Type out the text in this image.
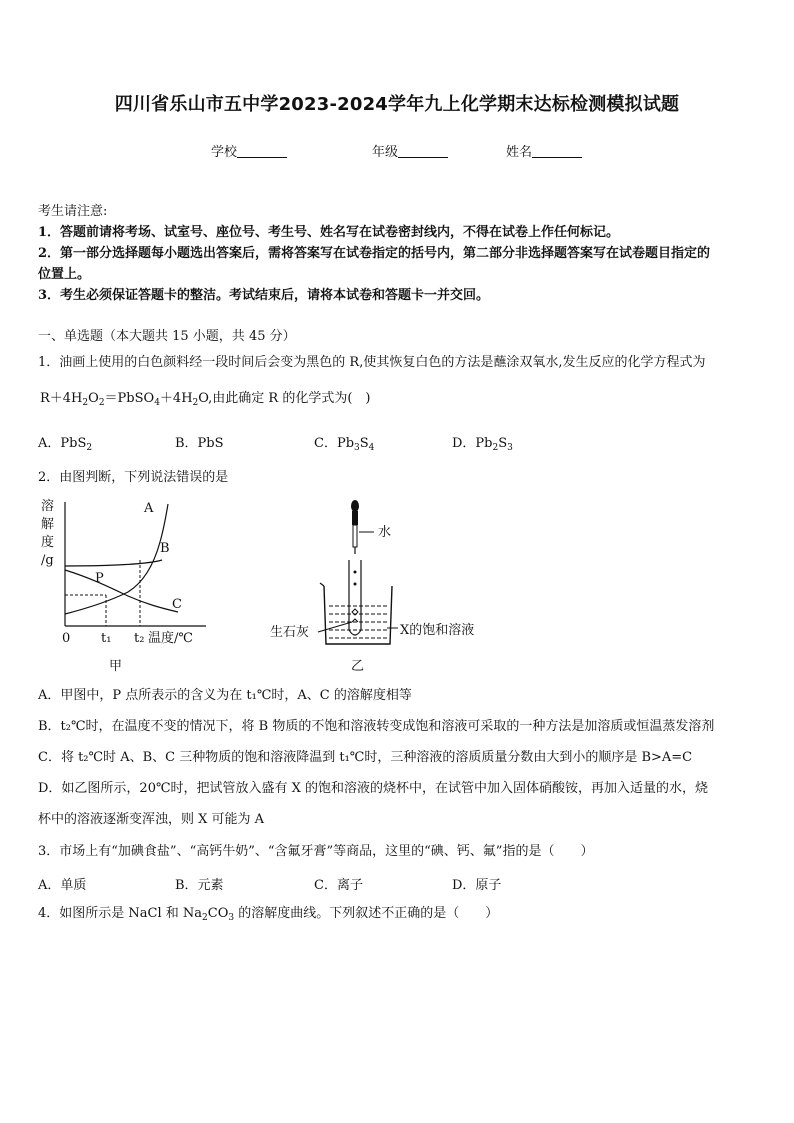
四川省乐山市五中学2023-2024学年九上化学期末达标检测模拟试题
学校	年级	姓名
考生请注意:
1．答题前请将考场、试室号、座位号、考生号、姓名写在试卷密封线内，不得在试卷上作任何标记。
2．第一部分选择题每小题选出答案后，需将答案写在试卷指定的括号内，第二部分非选择题答案写在试卷题目指定的
位置上。
3．考生必须保证答题卡的整洁。考试结束后，请将本试卷和答题卡一并交回。
一、单选题（本大题共 15 小题，共 45 分）
1．油画上使用的白色颜料经一段时间后会变为黑色的 R,使其恢复白色的方法是蘸涂双氧水,发生反应的化学方程式为
$R+4H_2O_2=PbSO_4+4H_2O$,由此确定 R 的化学式为(　)
A．PbS$_2$	B．PbS	C．$Pb_3S_4$	D．$Pb_2S_3$
2．由图判断，下列说法错误的是
溶
解
度
/g
A
B
C
P
0 t₁ t₂ 温度/℃
甲
水
生石灰	X的饱和溶液
乙
A．甲图中，P 点所表示的含义为在 t₁℃时，A、C 的溶解度相等
B．t₂℃时，在温度不变的情况下，将 B 物质的不饱和溶液转变成饱和溶液可采取的一种方法是加溶质或恒温蒸发溶剂
C．将 t₂℃时 A、B、C 三种物质的饱和溶液降温到 t₁℃时，三种溶液的溶质质量分数由大到小的顺序是 B>A=C
D．如乙图所示，20℃时，把试管放入盛有 X 的饱和溶液的烧杯中，在试管中加入固体硝酸铵，再加入适量的水，烧
杯中的溶液逐渐变浑浊，则 X 可能为 A
3．市场上有“加碘食盐”、“高钙牛奶”、“含氟牙膏”等商品，这里的“碘、钙、氟”指的是（　　）
A．单质	B．元素	C．离子	D．原子
4．如图所示是 NaCl 和 $Na_2CO_3$ 的溶解度曲线。下列叙述不正确的是（　　）
